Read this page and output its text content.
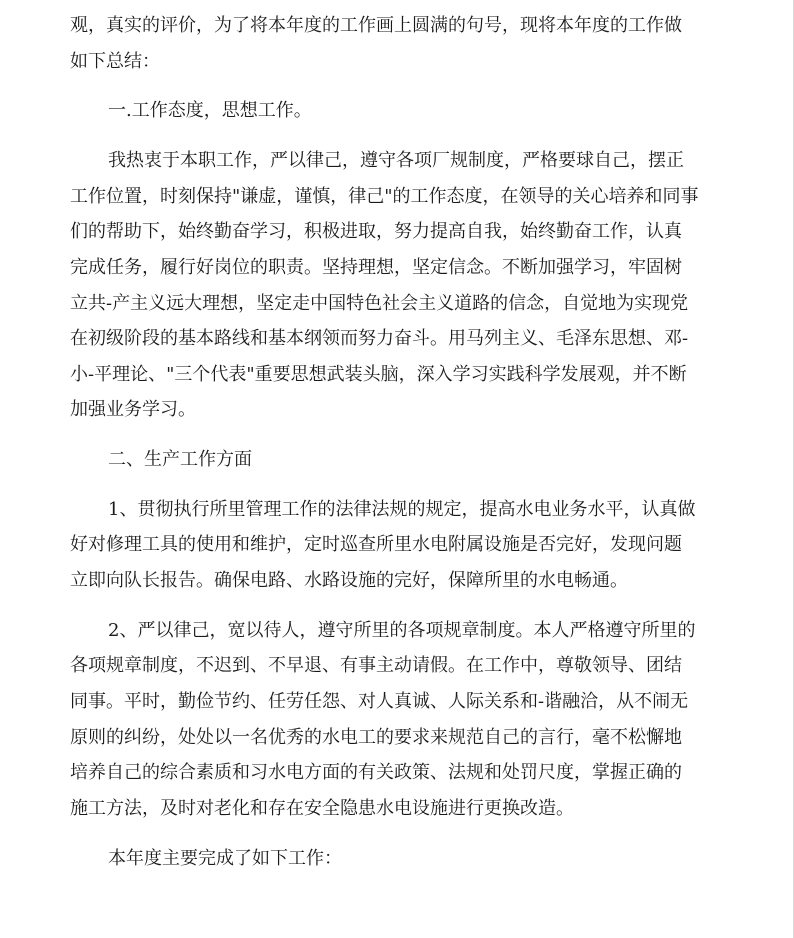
观，真实的评价，为了将本年度的工作画上圆满的句号，现将本年度的工作做
如下总结：
一.工作态度，思想工作。
我热衷于本职工作，严以律己，遵守各项厂规制度，严格要球自己，摆正
工作位置，时刻保持"谦虚，谨慎，律己"的工作态度，在领导的关心培养和同事
们的帮助下，始终勤奋学习，积极进取，努力提高自我，始终勤奋工作，认真
完成任务，履行好岗位的职责。坚持理想，坚定信念。不断加强学习，牢固树
立共-产主义远大理想，坚定走中国特色社会主义道路的信念，自觉地为实现党
在初级阶段的基本路线和基本纲领而努力奋斗。用马列主义、毛泽东思想、邓-
小-平理论、"三个代表"重要思想武装头脑，深入学习实践科学发展观，并不断
加强业务学习。
二、生产工作方面
1、贯彻执行所里管理工作的法律法规的规定，提高水电业务水平，认真做
好对修理工具的使用和维护，定时巡查所里水电附属设施是否完好，发现问题
立即向队长报告。确保电路、水路设施的完好，保障所里的水电畅通。
2、严以律己，宽以待人，遵守所里的各项规章制度。本人严格遵守所里的
各项规章制度，不迟到、不早退、有事主动请假。在工作中，尊敬领导、团结
同事。平时，勤俭节约、任劳任怨、对人真诚、人际关系和-谐融洽，从不闹无
原则的纠纷，处处以一名优秀的水电工的要求来规范自己的言行，毫不松懈地
培养自己的综合素质和习水电方面的有关政策、法规和处罚尺度，掌握正确的
施工方法，及时对老化和存在安全隐患水电设施进行更换改造。
本年度主要完成了如下工作：
